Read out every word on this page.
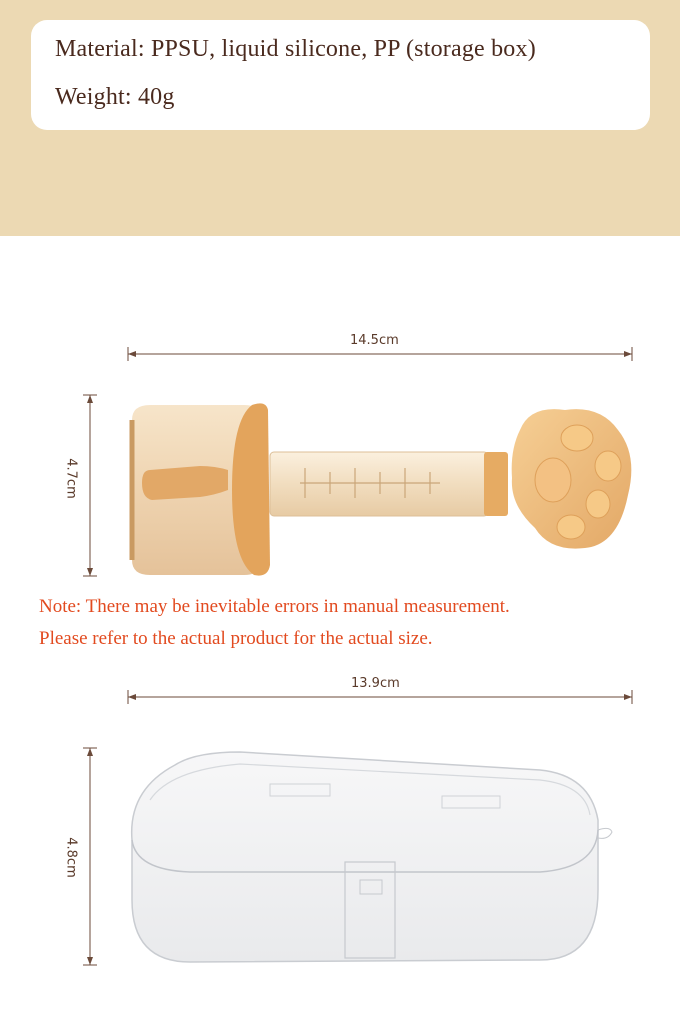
Material: PPSU, liquid silicone, PP (storage box)

Weight: 40g

14.5cm
4.7cm

Note: There may be inevitable errors in manual measurement.

Please refer to the actual product for the actual size.

13.9cm
4.8cm
